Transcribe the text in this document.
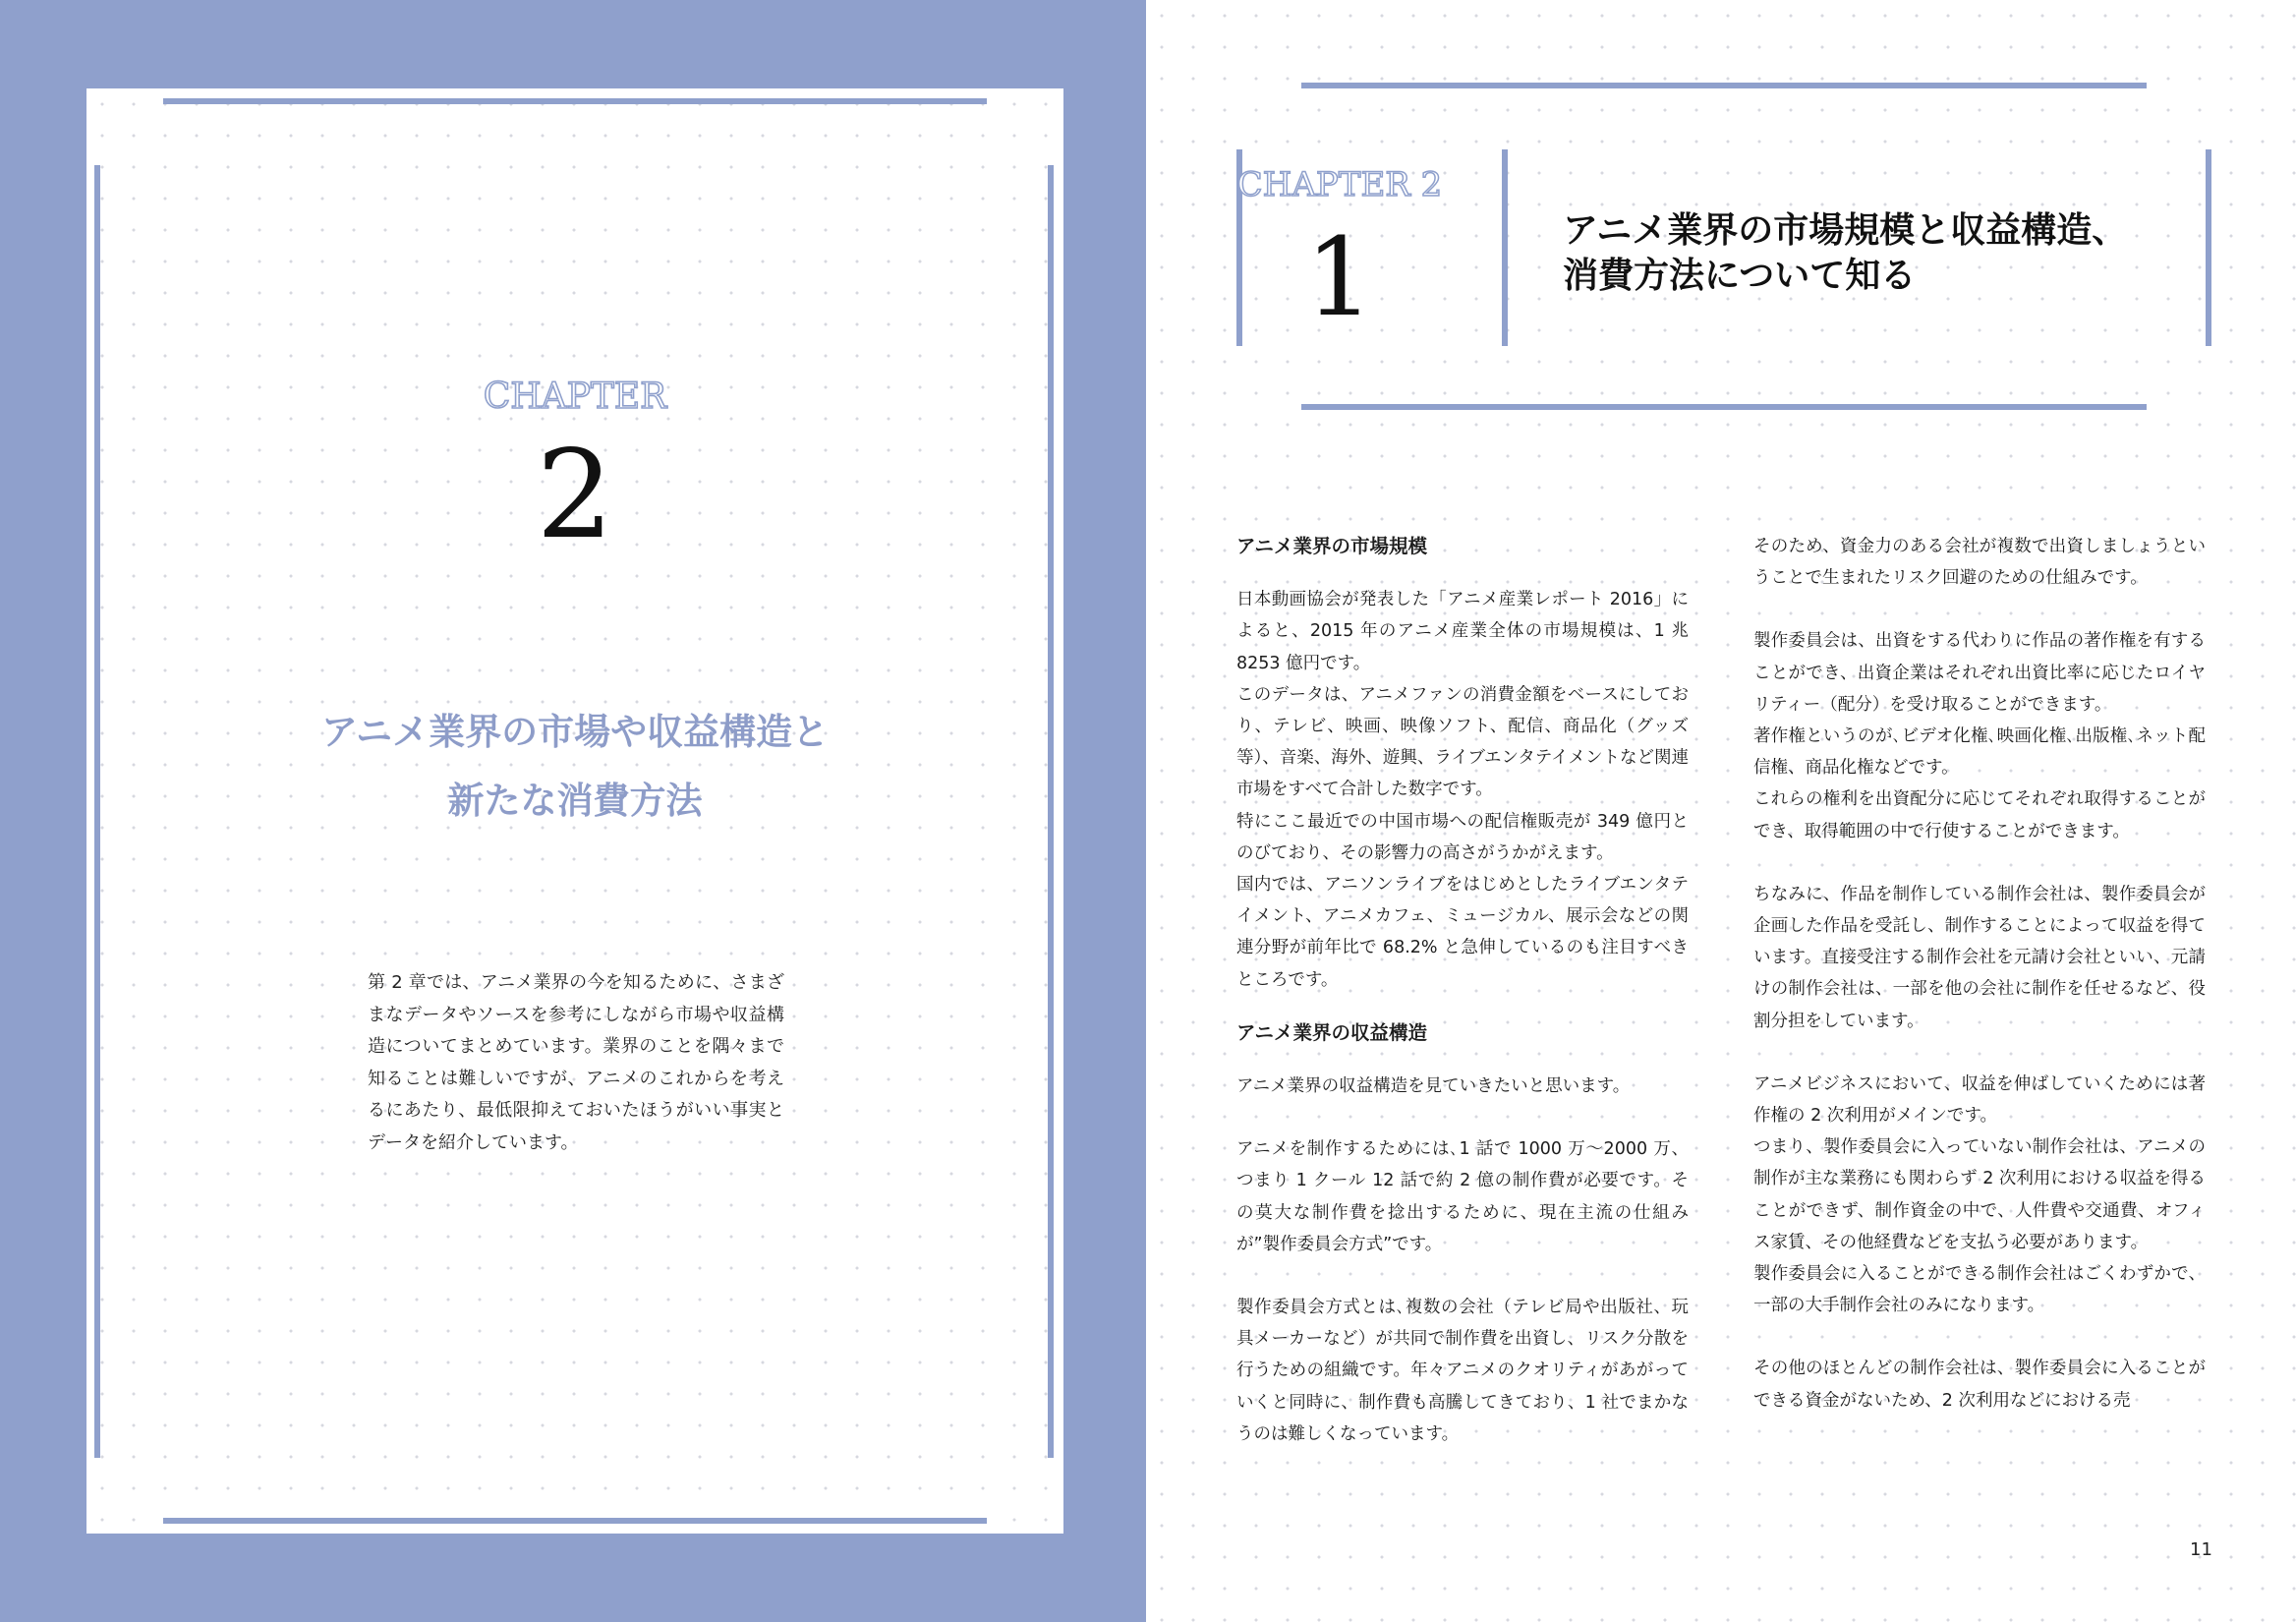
CHAPTER
2
アニメ業界の市場や収益構造と
新たな消費方法
第 2 章では、アニメ業界の今を知るために、さまざまなデータやソースを参考にしながら市場や収益構造についてまとめています。業界のことを隅々まで知ることは難しいですが、アニメのこれからを考えるにあたり、最低限抑えておいたほうがいい事実とデータを紹介しています。
CHAPTER 2
1	アニメ業界の市場規模と収益構造、
消費方法について知る

アニメ業界の市場規模

日本動画協会が発表した「アニメ産業レポート 2016」によると、2015 年のアニメ産業全体の市場規模は、1 兆 8253 億円です。

このデータは、アニメファンの消費金額をベースにしており、テレビ、映画、映像ソフト、配信、商品化（グッズ等）、音楽、海外、遊興、ライブエンタテイメントなど関連市場をすべて合計した数字です。

特にここ最近での中国市場への配信権販売が 349 億円とのびており、その影響力の高さがうかがえます。

国内では、アニソンライブをはじめとしたライブエンタテイメント、アニメカフェ、ミュージカル、展示会などの関連分野が前年比で 68.2% と急伸しているのも注目すべきところです。

アニメ業界の収益構造

アニメ業界の収益構造を見ていきたいと思います。

アニメを制作するためには､1 話で 1000 万～2000 万、つまり 1 クール 12 話で約 2 億の制作費が必要です。その莫大な制作費を捻出するために、現在主流の仕組みが”製作委員会方式”です。

製作委員会方式とは､複数の会社（テレビ局や出版社、玩具メーカーなど）が共同で制作費を出資し、リスク分散を行うための組織です。年々アニメのクオリティがあがっていくと同時に、制作費も高騰してきており、1 社でまかなうのは難しくなっています。

そのため、資金力のある会社が複数で出資しましょうということで生まれたリスク回避のための仕組みです。

製作委員会は、出資をする代わりに作品の著作権を有することができ、出資企業はそれぞれ出資比率に応じたロイヤリティー（配分）を受け取ることができます。

著作権というのが､ビデオ化権､映画化権､出版権､ネット配信権、商品化権などです。

これらの権利を出資配分に応じてそれぞれ取得することができ、取得範囲の中で行使することができます。

ちなみに、作品を制作している制作会社は、製作委員会が企画した作品を受託し、制作することによって収益を得ています。直接受注する制作会社を元請け会社といい、元請けの制作会社は、一部を他の会社に制作を任せるなど、役割分担をしています。

アニメビジネスにおいて、収益を伸ばしていくためには著作権の 2 次利用がメインです。

つまり、製作委員会に入っていない制作会社は、アニメの制作が主な業務にも関わらず 2 次利用における収益を得ることができず、制作資金の中で、人件費や交通費、オフィス家賃、その他経費などを支払う必要があります。

製作委員会に入ることができる制作会社はごくわずかで、一部の大手制作会社のみになります。

その他のほとんどの制作会社は、製作委員会に入ることができる資金がないため、2 次利用などにおける売

11
